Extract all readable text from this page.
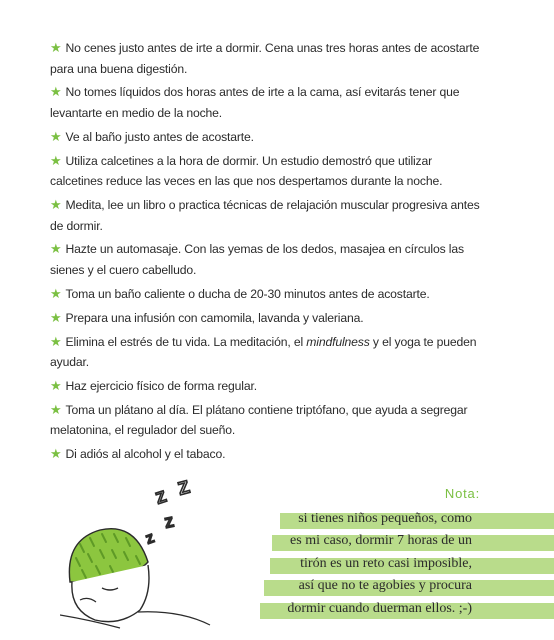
★ No cenes justo antes de irte a dormir. Cena unas tres horas antes de acostarte para una buena digestión.
★ No tomes líquidos dos horas antes de irte a la cama, así evitarás tener que levantarte en medio de la noche.
★ Ve al baño justo antes de acostarte.
★ Utiliza calcetines a la hora de dormir. Un estudio demostró que utilizar calcetines reduce las veces en las que nos despertamos durante la noche.
★ Medita, lee un libro o practica técnicas de relajación muscular progresiva antes de dormir.
★ Hazte un automasaje. Con las yemas de los dedos, masajea en círculos las sienes y el cuero cabelludo.
★ Toma un baño caliente o ducha de 20-30 minutos antes de acostarte.
★ Prepara una infusión con camomila, lavanda y valeriana.
★ Elimina el estrés de tu vida. La meditación, el mindfulness y el yoga te pueden ayudar.
★ Haz ejercicio físico de forma regular.
★ Toma un plátano al día. El plátano contiene triptófano, que ayuda a segregar melatonina, el regulador del sueño.
★ Di adiós al alcohol y el tabaco.
Z
Z
Z
Z
Nota:
si tienes niños pequeños, como
es mi caso, dormir 7 horas de un
tirón es un reto casi imposible,
así que no te agobies y procura
dormir cuando duerman ellos. ;-)
